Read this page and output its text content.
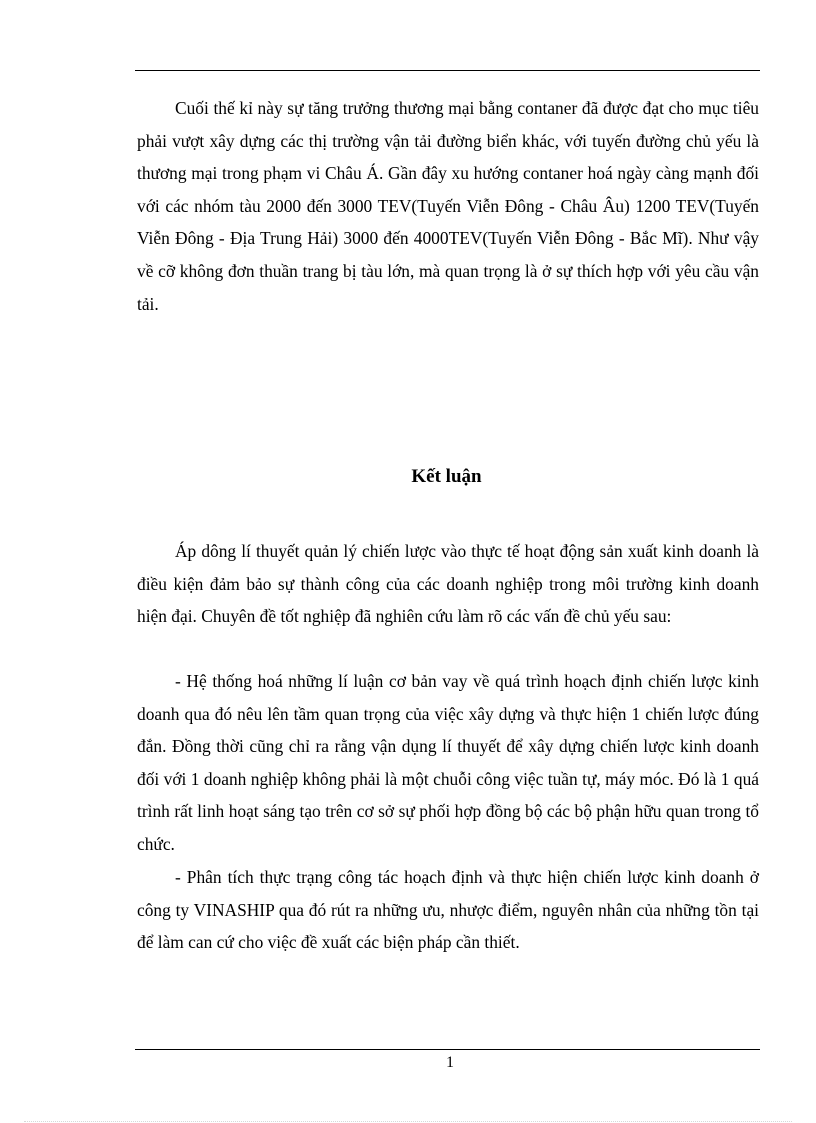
Cuối thế kỉ này sự tăng trưởng thương mại bằng contaner đã được đạt cho mục tiêu phải vượt xây dựng các thị trường vận tải đường biển khác, với tuyến đường chủ yếu là thương mại trong phạm vi Châu Á. Gần đây xu hướng contaner hoá ngày càng mạnh đối với các nhóm tàu 2000 đến 3000 TEV(Tuyến Viễn Đông - Châu Âu) 1200 TEV(Tuyến Viễn Đông - Địa Trung Hải) 3000 đến 4000TEV(Tuyến Viễn Đông - Bắc Mĩ). Như vậy về cỡ không đơn thuần trang bị tàu lớn, mà quan trọng là ở sự thích hợp với yêu cầu vận tải.

Kết luận

Áp dông lí thuyết quản lý chiến lược vào thực tế hoạt động sản xuất kinh doanh là điều kiện đảm bảo sự thành công của các doanh nghiệp trong môi trường kinh doanh hiện đại. Chuyên đề tốt nghiệp đã nghiên cứu làm rõ các vấn đề chủ yếu sau:

- Hệ thống hoá những lí luận cơ bản vay về quá trình hoạch định chiến lược kinh doanh qua đó nêu lên tầm quan trọng của việc xây dựng và thực hiện 1 chiến lược đúng đắn. Đồng thời cũng chỉ ra rằng vận dụng lí thuyết để xây dựng chiến lược kinh doanh đối với 1 doanh nghiệp không phải là một chuỗi công việc tuần tự, máy móc. Đó là 1 quá trình rất linh hoạt sáng tạo trên cơ sở sự phối hợp đồng bộ các bộ phận hữu quan trong tổ chức.

- Phân tích thực trạng công tác hoạch định và thực hiện chiến lược kinh doanh ở công ty VINASHIP qua đó rút ra những ưu, nhược điểm, nguyên nhân của những tồn tại để làm can cứ cho việc đề xuất các biện pháp cần thiết.

1
